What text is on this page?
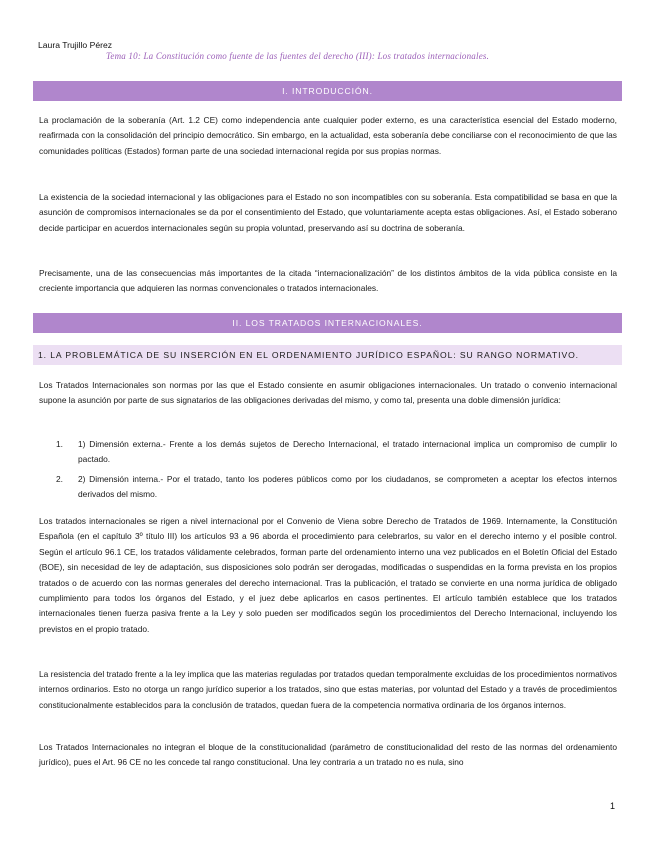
Laura Trujillo Pérez
Tema 10: La Constitución como fuente de las fuentes del derecho (III): Los tratados internacionales.
I. INTRODUCCIÓN.

La proclamación de la soberanía (Art. 1.2 CE) como independencia ante cualquier poder externo, es una característica esencial del Estado moderno, reafirmada con la consolidación del principio democrático. Sin embargo, en la actualidad, esta soberanía debe conciliarse con el reconocimiento de que las comunidades políticas (Estados) forman parte de una sociedad internacional regida por sus propias normas.

La existencia de la sociedad internacional y las obligaciones para el Estado no son incompatibles con su soberanía. Esta compatibilidad se basa en que la asunción de compromisos internacionales se da por el consentimiento del Estado, que voluntariamente acepta estas obligaciones. Así, el Estado soberano decide participar en acuerdos internacionales según su propia voluntad, preservando así su doctrina de soberanía.

Precisamente, una de las consecuencias más importantes de la citada “internacionalización” de los distintos ámbitos de la vida pública consiste en la creciente importancia que adquieren las normas convencionales o tratados internacionales.

II. LOS TRATADOS INTERNACIONALES.
1. LA PROBLEMÁTICA DE SU INSERCIÓN EN EL ORDENAMIENTO JURÍDICO ESPAÑOL: SU RANGO NORMATIVO.

Los Tratados Internacionales son normas por las que el Estado consiente en asumir obligaciones internacionales. Un tratado o convenio internacional supone la asunción por parte de sus signatarios de las obligaciones derivadas del mismo, y como tal, presenta una doble dimensión jurídica:

1. 1) Dimensión externa.- Frente a los demás sujetos de Derecho Internacional, el tratado internacional implica un compromiso de cumplir lo pactado.
2. 2) Dimensión interna.- Por el tratado, tanto los poderes públicos como por los ciudadanos, se comprometen a aceptar los efectos internos derivados del mismo.

Los tratados internacionales se rigen a nivel internacional por el Convenio de Viena sobre Derecho de Tratados de 1969. Internamente, la Constitución Española (en el capítulo 3º título III) los artículos 93 a 96 aborda el procedimiento para celebrarlos, su valor en el derecho interno y el posible control. Según el artículo 96.1 CE, los tratados válidamente celebrados, forman parte del ordenamiento interno una vez publicados en el Boletín Oficial del Estado (BOE), sin necesidad de ley de adaptación, sus disposiciones solo podrán ser derogadas, modificadas o suspendidas en la forma prevista en los propios tratados o de acuerdo con las normas generales del derecho internacional. Tras la publicación, el tratado se convierte en una norma jurídica de obligado cumplimiento para todos los órganos del Estado, y el juez debe aplicarlos en casos pertinentes. El artículo también establece que los tratados internacionales tienen fuerza pasiva frente a la Ley y solo pueden ser modificados según los procedimientos del Derecho Internacional, incluyendo los previstos en el propio tratado.

La resistencia del tratado frente a la ley implica que las materias reguladas por tratados quedan temporalmente excluidas de los procedimientos normativos internos ordinarios. Esto no otorga un rango jurídico superior a los tratados, sino que estas materias, por voluntad del Estado y a través de procedimientos constitucionalmente establecidos para la conclusión de tratados, quedan fuera de la competencia normativa ordinaria de los órganos internos.

Los Tratados Internacionales no integran el bloque de la constitucionalidad (parámetro de constitucionalidad del resto de las normas del ordenamiento jurídico), pues el Art. 96 CE no les concede tal rango constitucional. Una ley contraria a un tratado no es nula, sino

1
